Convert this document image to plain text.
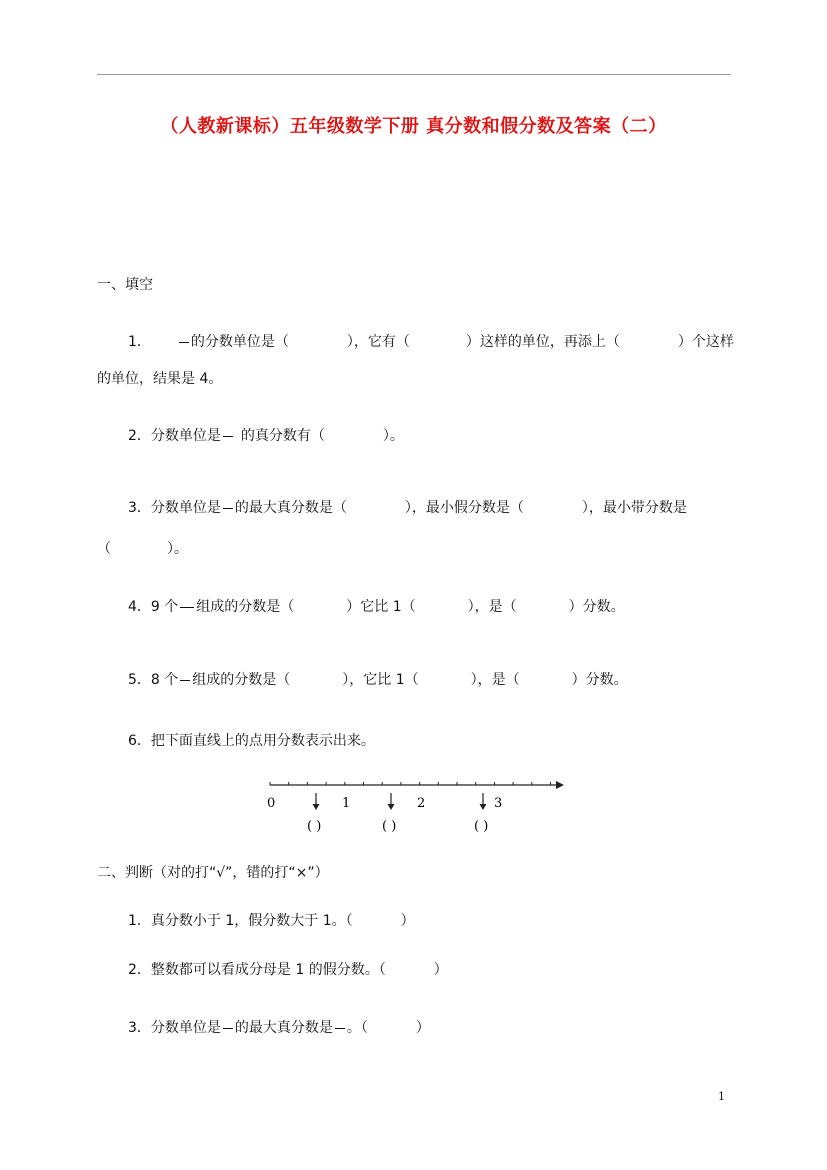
（人教新课标）五年级数学下册 真分数和假分数及答案（二）
一、填空
1．	的分数单位是（	），它有（	）这样的单位，再添上（	）个这样
的单位，结果是 4。
2．分数单位是 的真分数有（	）。
3．分数单位是 的最大真分数是（	），最小假分数是（	），最小带分数是
（	）。
4．9 个 组成的分数是（	）它比 1（	），是（	）分数。
5．8 个 组成的分数是（	），它比 1（	），是（	）分数。
6．把下面直线上的点用分数表示出来。
0	1	2	3
( )	( )	( )
二、判断（对的打“√”，错的打“×”）
1．真分数小于 1，假分数大于 1。（	）
2．整数都可以看成分母是 1 的假分数。（	）
3．分数单位是 的最大真分数是 。（	）
1
